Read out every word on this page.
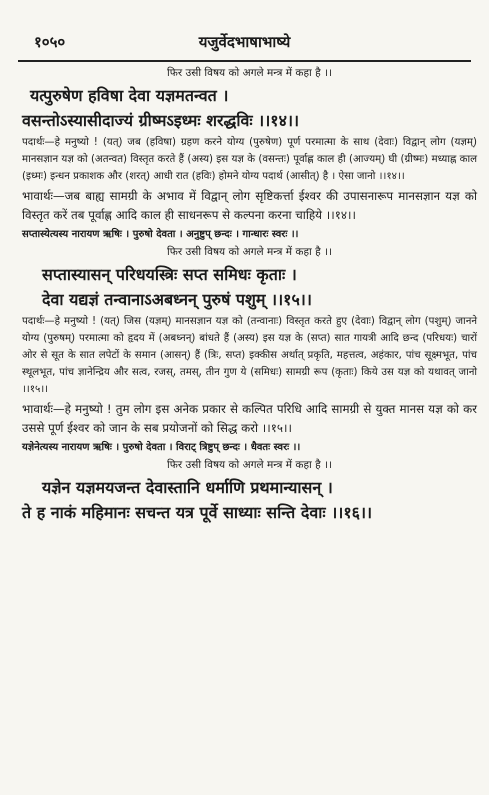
१०५०	यजुर्वेदभाषाभाष्ये

फिर उसी विषय को अगले मन्त्र में कहा है ।।

यत्पुरुषेण हविषा देवा यज्ञमतन्वत ।

वसन्तोऽस्यासीदाज्यं ग्रीष्मऽइध्मः शरद्धविः ।।१४।।

पदार्थः—हे मनुष्यो ! (यत्) जब (हविषा) ग्रहण करने योग्य (पुरुषेण) पूर्ण परमात्मा के साथ (देवाः) विद्वान् लोग (यज्ञम्) मानसज्ञान यज्ञ को (अतन्वत) विस्तृत करते हैं (अस्य) इस यज्ञ के (वसन्तः) पूर्वाह्ण काल ही (आज्यम्) घी (ग्रीष्मः) मध्याह्न काल (इध्मः) इन्धन प्रकाशक और (शरत्) आधी रात (हविः) होमने योग्य पदार्थ (आसीत्) है । ऐसा जानो ।।१४।।

भावार्थः—जब बाह्य सामग्री के अभाव में विद्वान् लोग सृष्टिकर्त्ता ईश्वर की उपासनारूप मानसज्ञान यज्ञ को विस्तृत करें तब पूर्वाह्ण आदि काल ही साधनरूप से कल्पना करना चाहिये ।।१४।।

सप्तास्येत्यस्य नारायण ऋषिः । पुरुषो देवता । अनुष्टुप् छन्दः । गान्धारः स्वरः ।।

फिर उसी विषय को अगले मन्त्र में कहा है ।।

सप्तास्यासन् परिधयस्त्रिः सप्त समिधः कृताः ।

देवा यद्यज्ञं तन्वानाऽअबध्नन् पुरुषं पशुम् ।।१५।।

पदार्थः—हे मनुष्यो ! (यत्) जिस (यज्ञम्) मानसज्ञान यज्ञ को (तन्वानाः) विस्तृत करते हुए (देवाः) विद्वान् लोग (पशुम्) जानने योग्य (पुरुषम्) परमात्मा को हृदय में (अबध्नन्) बांधते हैं (अस्य) इस यज्ञ के (सप्त) सात गायत्री आदि छन्द (परिधयः) चारों ओर से सूत के सात लपेटों के समान (आसन्) हैं (त्रिः, सप्त) इक्कीस अर्थात् प्रकृति, महत्तत्व, अहंकार, पांच सूक्ष्मभूत, पांच स्थूलभूत, पांच ज्ञानेन्द्रिय और सत्व, रजस्, तमस्, तीन गुण ये (समिधः) सामग्री रूप (कृताः) किये उस यज्ञ को यथावत् जानो ।।१५।।

भावार्थः—हे मनुष्यो ! तुम लोग इस अनेक प्रकार से कल्पित परिधि आदि सामग्री से युक्त मानस यज्ञ को कर उससे पूर्ण ईश्वर को जान के सब प्रयोजनों को सिद्ध करो ।।१५।।

यज्ञेनेत्यस्य नारायण ऋषिः । पुरुषो देवता । विराट् त्रिष्टुप् छन्दः । धैवतः स्वरः ।।

फिर उसी विषय को अगले मन्त्र में कहा है ।।

यज्ञेन यज्ञमयजन्त देवास्तानि धर्माणि प्रथमान्यासन् ।

ते ह नाकं महिमानः सचन्त यत्र पूर्वे साध्याः सन्ति देवाः ।।१६।।
